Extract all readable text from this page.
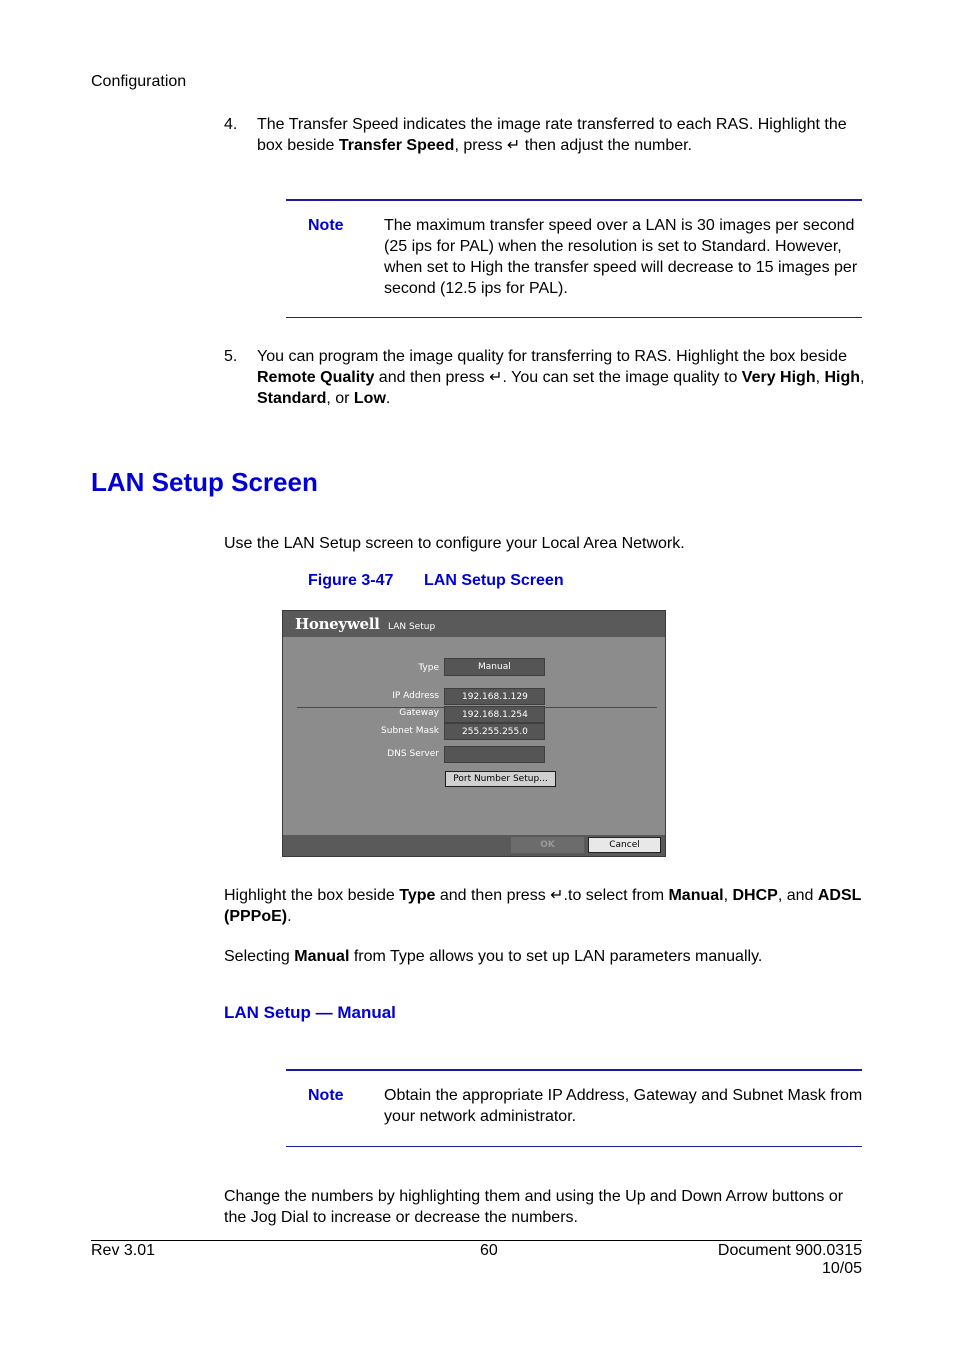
Configuration
4. The Transfer Speed indicates the image rate transferred to each RAS. Highlight the box beside Transfer Speed, press ↵ then adjust the number.
Note	The maximum transfer speed over a LAN is 30 images per second (25 ips for PAL) when the resolution is set to Standard. However, when set to High the transfer speed will decrease to 15 images per second (12.5 ips for PAL).
5. You can program the image quality for transferring to RAS. Highlight the box beside Remote Quality and then press ↵. You can set the image quality to Very High, High, Standard, or Low.
LAN Setup Screen
Use the LAN Setup screen to configure your Local Area Network.
Figure 3-47 LAN Setup Screen
Honeywell LAN Setup
Type	Manual
IP Address	192.168.1.129
Gateway	192.168.1.254
Subnet Mask	255.255.255.0
DNS Server
Port Number Setup...
OK	Cancel
Highlight the box beside Type and then press ↵.to select from Manual, DHCP, and ADSL (PPPoE).
Selecting Manual from Type allows you to set up LAN parameters manually.
LAN Setup — Manual
Note	Obtain the appropriate IP Address, Gateway and Subnet Mask from your network administrator.
Change the numbers by highlighting them and using the Up and Down Arrow buttons or the Jog Dial to increase or decrease the numbers.
Rev 3.01	60	Document 900.0315
10/05
